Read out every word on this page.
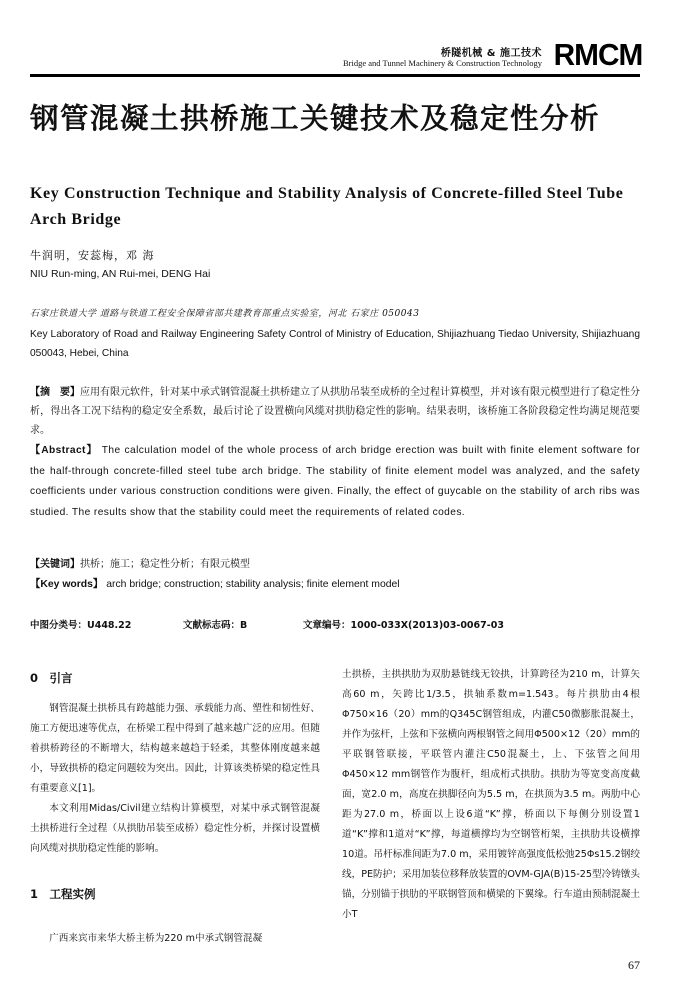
桥隧机械 & 施工技术
Bridge and Tunnel Machinery & Construction Technology RMCM
钢管混凝土拱桥施工关键技术及稳定性分析
Key Construction Technique and Stability Analysis of Concrete-filled Steel Tube Arch Bridge
牛润明，安蕊梅，邓 海
NIU Run-ming, AN Rui-mei, DENG Hai
石家庄铁道大学 道路与铁道工程安全保障省部共建教育部重点实验室，河北 石家庄 050043
Key Laboratory of Road and Railway Engineering Safety Control of Ministry of Education, Shijiazhuang Tiedao University, Shijiazhuang 050043, Hebei, China
【摘　要】应用有限元软件，针对某中承式钢管混凝土拱桥建立了从拱肋吊装至成桥的全过程计算模型，并对该有限元模型进行了稳定性分析，得出各工况下结构的稳定安全系数，最后讨论了设置横向风缆对拱肋稳定性的影响。结果表明，该桥施工各阶段稳定性均满足规范要求。
【Abstract】 The calculation model of the whole process of arch bridge erection was built with finite element software for the half-through concrete-filled steel tube arch bridge. The stability of finite element model was analyzed, and the safety coefficients under various construction conditions were given. Finally, the effect of guycable on the stability of arch ribs was studied. The results show that the stability could meet the requirements of related codes.
【关键词】拱桥；施工；稳定性分析；有限元模型
【Key words】 arch bridge; construction; stability analysis; finite element model
中图分类号：U448.22	文献标志码：B	文章编号：1000-033X(2013)03-0067-03

0　引言

钢管混凝土拱桥具有跨越能力强、承载能力高、塑性和韧性好、施工方便迅速等优点，在桥梁工程中得到了越来越广泛的应用。但随着拱桥跨径的不断增大，结构越来越趋于轻柔，其整体刚度越来越小，导致拱桥的稳定问题较为突出。因此，计算该类桥梁的稳定性具有重要意义[1]。

本文利用Midas/Civil建立结构计算模型，对某中承式钢管混凝土拱桥进行全过程（从拱肋吊装至成桥）稳定性分析，并探讨设置横向风缆对拱肋稳定性能的影响。

1　工程实例

广西来宾市来华大桥主桥为220 m中承式钢管混凝

土拱桥，主拱拱肋为双肋悬链线无铰拱，计算跨径为210 m，计算矢高60 m，矢跨比1/3.5，拱轴系数m=1.543。每片拱肋由4根Φ750×16（20）mm的Q345C钢管组成，内灌C50微膨胀混凝土，并作为弦杆，上弦和下弦横向两根钢管之间用Φ500×12（20）mm的平联钢管联接，平联管内灌注C50混凝土，上、下弦管之间用Φ450×12 mm钢管作为腹杆，组成桁式拱肋。拱肋为等宽变高度截面，宽2.0 m，高度在拱脚径向为5.5 m，在拱顶为3.5 m。两肋中心距为27.0 m，桥面以上设6道“K”撑，桥面以下每侧分别设置1道“K”撑和1道对“K”撑，每道横撑均为空钢管桁架，主拱肋共设横撑10道。吊杆标准间距为7.0 m，采用镀锌高强度低松弛25Φs15.2钢绞线，PE防护；采用加装位移释放装置的OVM-GJA(B)15-25型冷铸镦头锚，分别锚于拱肋的平联钢管顶和横梁的下翼缘。行车道由预制混凝土小T

67
